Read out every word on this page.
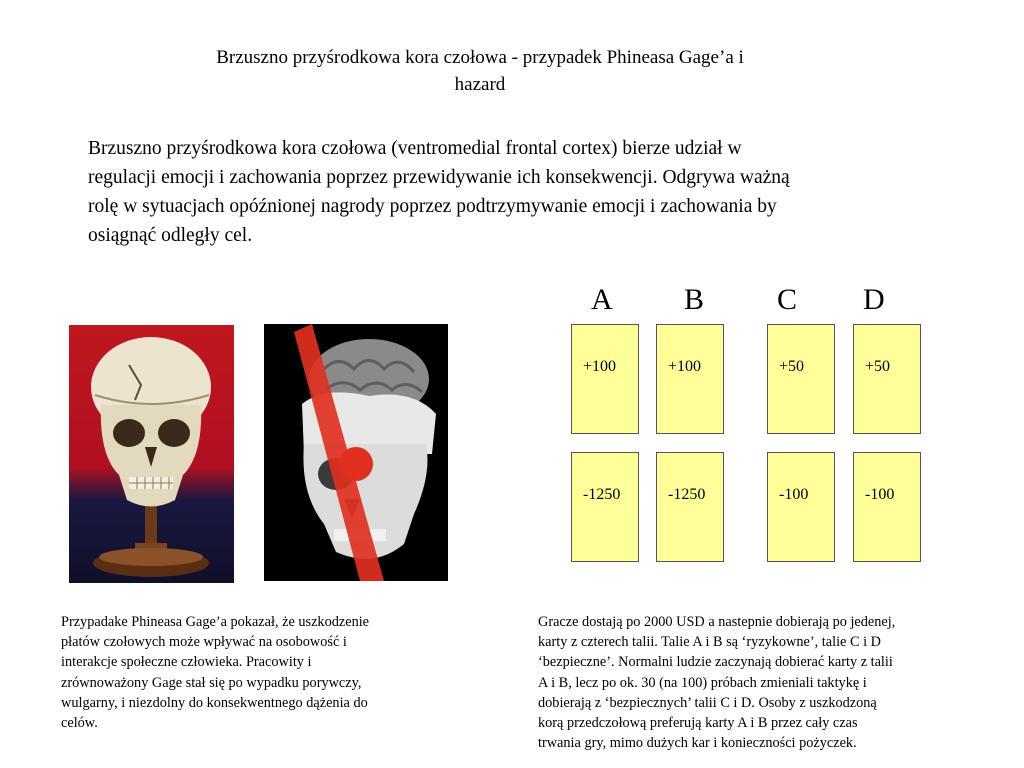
Brzuszno przyśrodkowa kora czołowa - przypadek Phineasa Gage’a i
hazard
Brzuszno przyśrodkowa kora czołowa (ventromedial frontal cortex) bierze udział w
regulacji emocji i zachowania poprzez przewidywanie ich konsekwencji. Odgrywa ważną
rolę w sytuacjach opóźnionej nagrody poprzez podtrzymywanie emocji i zachowania by
osiągnąć odległy cel.
A B C D
+100	+100	+50	+50
-1250	-1250	-100	-100
Przypadake Phineasa Gage’a pokazał, że uszkodzenie
płatów czołowych może wpływać na osobowość i
interakcje społeczne człowieka. Pracowity i
zrównoważony Gage stał się po wypadku porywczy,
wulgarny, i niezdolny do konsekwentnego dążenia do
celów.
Gracze dostają po 2000 USD a nastepnie dobierają po jedenej,
karty z czterech talii. Talie A i B są ‘ryzykowne’, talie C i D
‘bezpieczne’. Normalni ludzie zaczynają dobierać karty z talii
A i B, lecz po ok. 30 (na 100) próbach zmieniali taktykę i
dobierają z ‘bezpiecznych’ talii C i D. Osoby z uszkodzoną
korą przedczołową preferują karty A i B przez cały czas
trwania gry, mimo dużych kar i konieczności pożyczek.
